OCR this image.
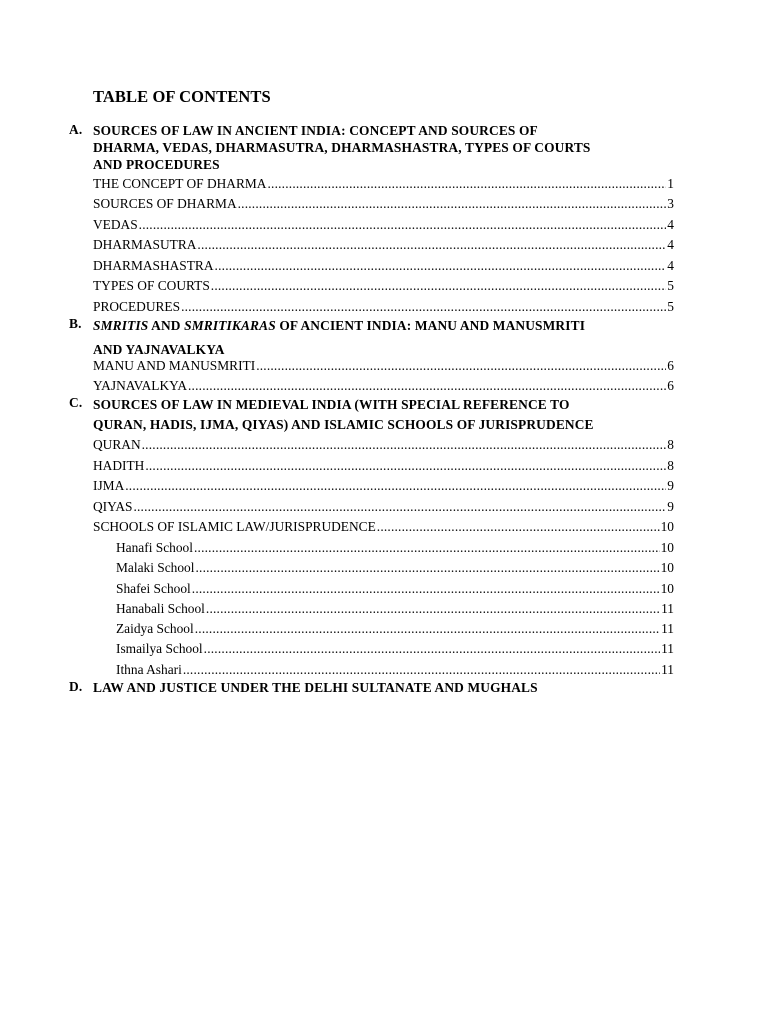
TABLE OF CONTENTS
A. SOURCES OF LAW IN ANCIENT INDIA: CONCEPT AND SOURCES OF
DHARMA, VEDAS, DHARMASUTRA, DHARMASHASTRA, TYPES OF COURTS
AND PROCEDURES
THE CONCEPT OF DHARMA .....	1
SOURCES OF DHARMA .....	3
VEDAS .....	4
DHARMASUTRA .....	4
DHARMASHASTRA .....	4
TYPES OF COURTS .....	5
PROCEDURES .....	5
B. SMRITIS AND SMRITIKARAS OF ANCIENT INDIA: MANU AND MANUSMRITI
AND YAJNAVALKYA
MANU AND MANUSMRITI .....	6
YAJNAVALKYA .....	6
C. SOURCES OF LAW IN MEDIEVAL INDIA (WITH SPECIAL REFERENCE TO
QURAN, HADIS, IJMA, QIYAS) AND ISLAMIC SCHOOLS OF JURISPRUDENCE
QURAN .....	8
HADITH .....	8
IJMA .....	9
QIYAS .....	9
SCHOOLS OF ISLAMIC LAW/JURISPRUDENCE .....	10
Hanafi School .....	10
Malaki School .....	10
Shafei School .....	10
Hanabali School .....	11
Zaidya School .....	11
Ismailya School .....	11
Ithna Ashari .....	11
D. LAW AND JUSTICE UNDER THE DELHI SULTANATE AND MUGHALS
